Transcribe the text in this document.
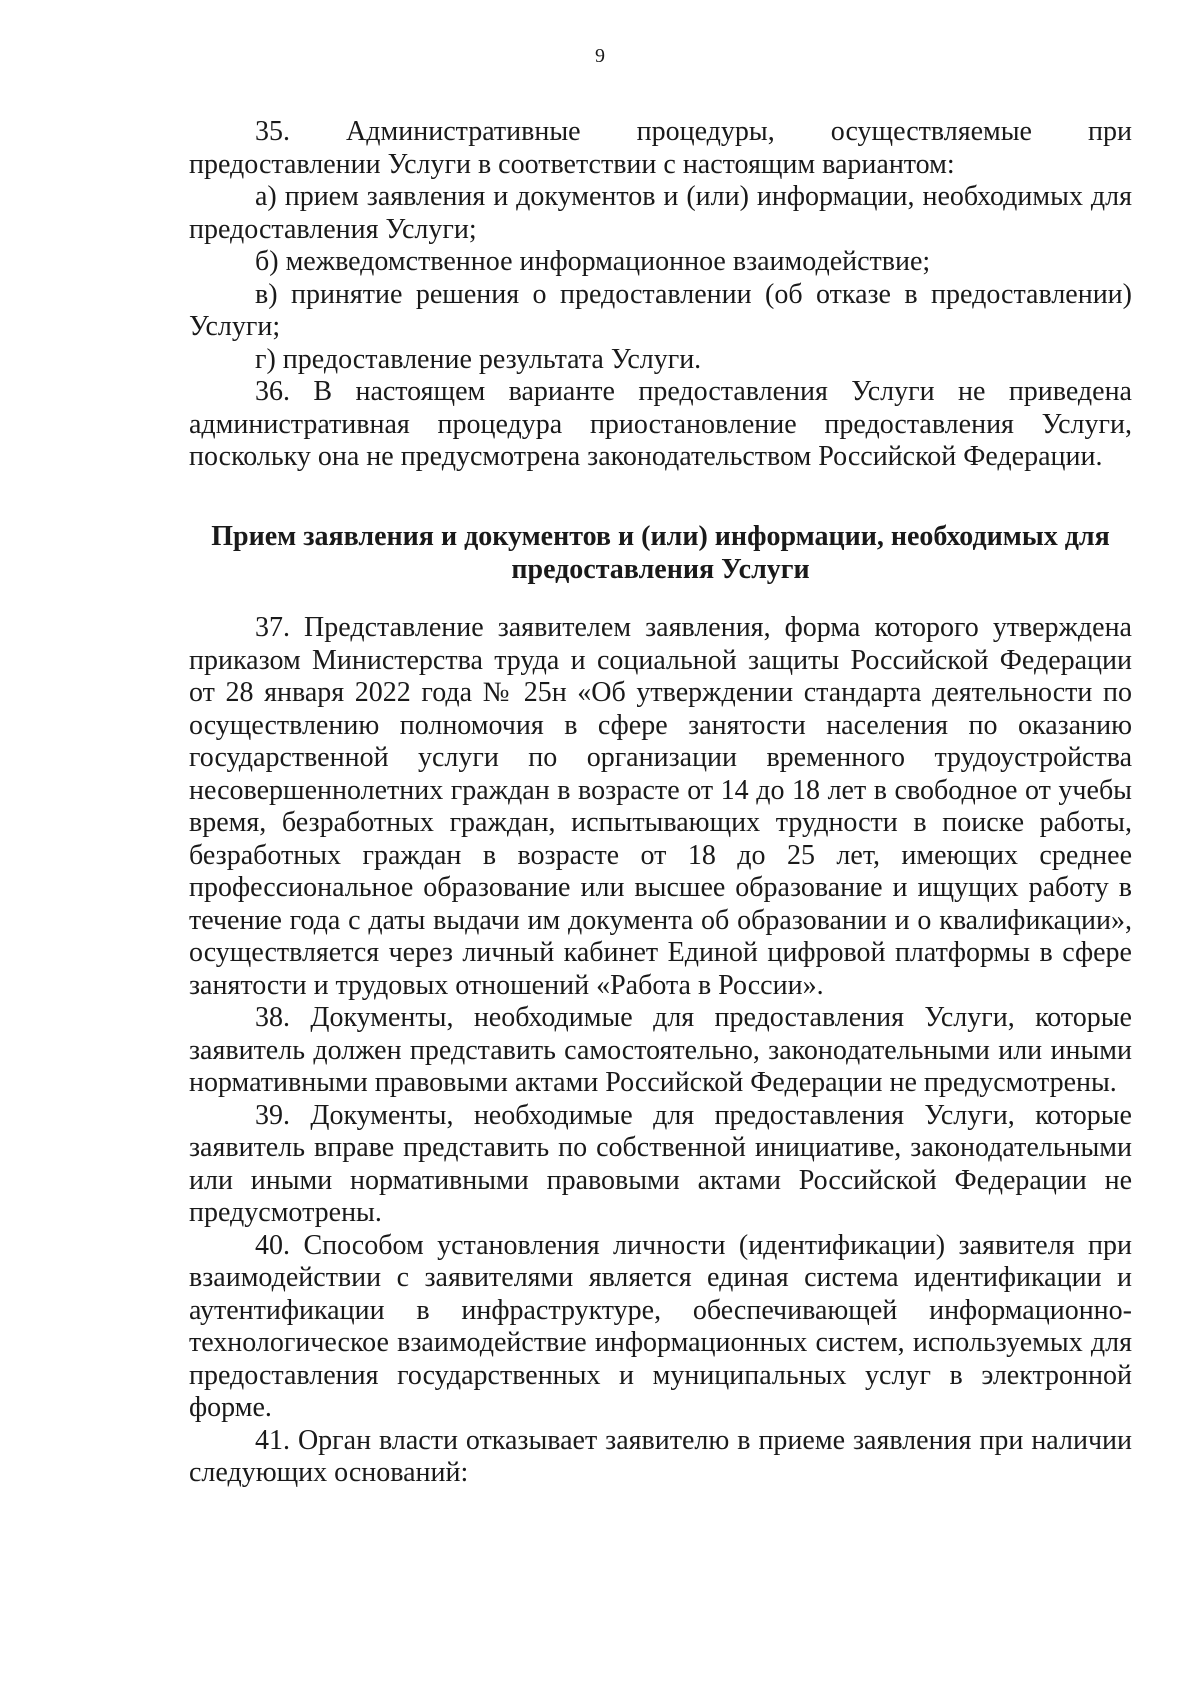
9

35. Административные процедуры, осуществляемые при предоставлении Услуги в соответствии с настоящим вариантом:

а) прием заявления и документов и (или) информации, необходимых для предоставления Услуги;

б) межведомственное информационное взаимодействие;

в) принятие решения о предоставлении (об отказе в предоставлении) Услуги;

г) предоставление результата Услуги.

36. В настоящем варианте предоставления Услуги не приведена административная процедура приостановление предоставления Услуги, поскольку она не предусмотрена законодательством Российской Федерации.

Прием заявления и документов и (или) информации, необходимых для предоставления Услуги

37. Представление заявителем заявления, форма которого утверждена приказом Министерства труда и социальной защиты Российской Федерации от 28 января 2022 года № 25н «Об утверждении стандарта деятельности по осуществлению полномочия в сфере занятости населения по оказанию государственной услуги по организации временного трудоустройства несовершеннолетних граждан в возрасте от 14 до 18 лет в свободное от учебы время, безработных граждан, испытывающих трудности в поиске работы, безработных граждан в возрасте от 18 до 25 лет, имеющих среднее профессиональное образование или высшее образование и ищущих работу в течение года с даты выдачи им документа об образовании и о квалификации», осуществляется через личный кабинет Единой цифровой платформы в сфере занятости и трудовых отношений «Работа в России».

38. Документы, необходимые для предоставления Услуги, которые заявитель должен представить самостоятельно, законодательными или иными нормативными правовыми актами Российской Федерации не предусмотрены.

39. Документы, необходимые для предоставления Услуги, которые заявитель вправе представить по собственной инициативе, законодательными или иными нормативными правовыми актами Российской Федерации не предусмотрены.

40. Способом установления личности (идентификации) заявителя при взаимодействии с заявителями является единая система идентификации и аутентификации в инфраструктуре, обеспечивающей информационно-технологическое взаимодействие информационных систем, используемых для предоставления государственных и муниципальных услуг в электронной форме.

41. Орган власти отказывает заявителю в приеме заявления при наличии следующих оснований:
